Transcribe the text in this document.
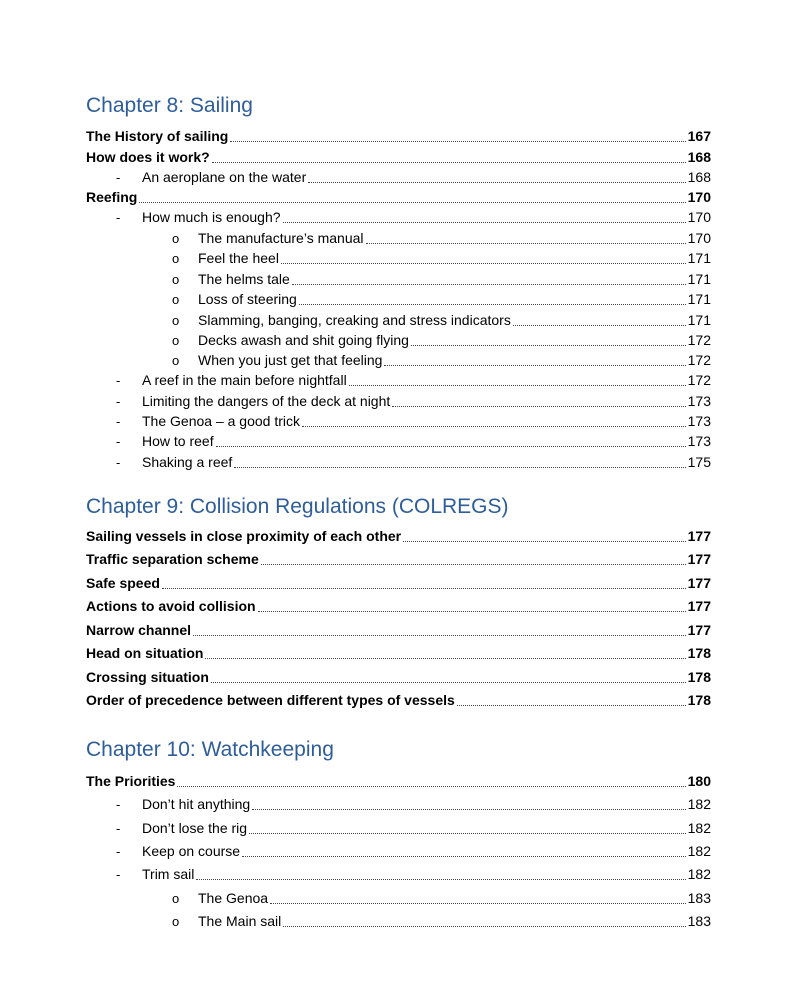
Chapter 8: Sailing
The History of sailing	167
How does it work?	168
- An aeroplane on the water	168
Reefing	170
- How much is enough?	170
o The manufacture’s manual	170
o Feel the heel	171
o The helms tale	171
o Loss of steering	171
o Slamming, banging, creaking and stress indicators	171
o Decks awash and shit going flying	172
o When you just get that feeling	172
- A reef in the main before nightfall	172
- Limiting the dangers of the deck at night	173
- The Genoa – a good trick	173
- How to reef	173
- Shaking a reef	175
Chapter 9: Collision Regulations (COLREGS)
Sailing vessels in close proximity of each other	177
Traffic separation scheme	177
Safe speed	177
Actions to avoid collision	177
Narrow channel	177
Head on situation	178
Crossing situation	178
Order of precedence between different types of vessels	178
Chapter 10: Watchkeeping
The Priorities	180
- Don’t hit anything	182
- Don’t lose the rig	182
- Keep on course	182
- Trim sail	182
o The Genoa	183
o The Main sail	183
